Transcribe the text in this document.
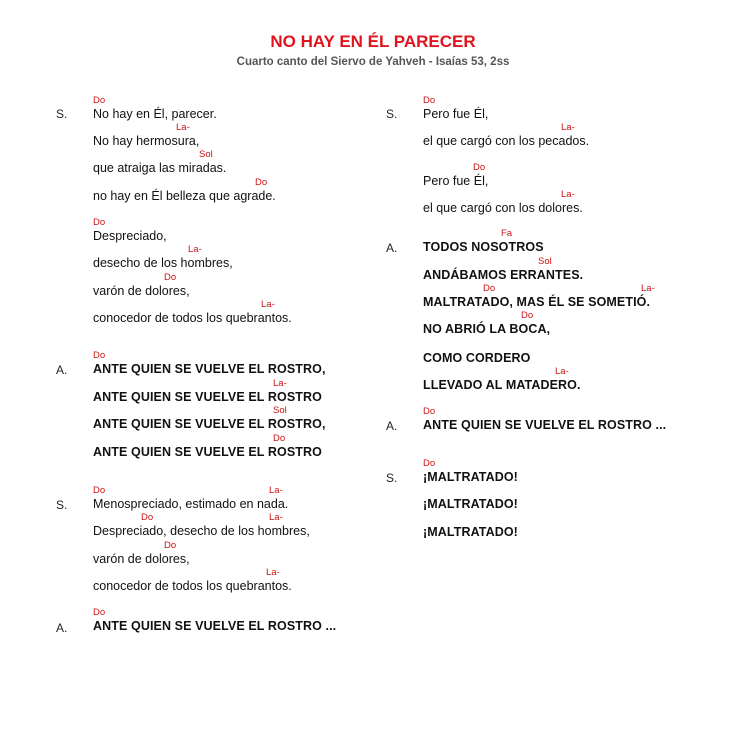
NO HAY EN ÉL PARECER
Cuarto canto del Siervo de Yahveh - Isaías 53, 2ss
S.
Do
No hay en Él, parecer.
La-
No hay hermosura,
Sol
que atraiga las miradas.
Do
no hay en Él belleza que agrade.
Do
Despreciado,
La-
desecho de los hombres,
Do
varón de dolores,
La-
conocedor de todos los quebrantos.
A.
Do
ANTE QUIEN SE VUELVE EL ROSTRO,
La-
ANTE QUIEN SE VUELVE EL ROSTRO
Sol
ANTE QUIEN SE VUELVE EL ROSTRO,
Do
ANTE QUIEN SE VUELVE EL ROSTRO
S.
Do	La-
Menospreciado, estimado en nada.
Do	La-
Despreciado, desecho de los hombres,
Do
varón de dolores,
La-
conocedor de todos los quebrantos.
A.
Do
ANTE QUIEN SE VUELVE EL ROSTRO ...
S.
Do
Pero fue Él,
La-
el que cargó con los pecados.
Do
Pero fue Él,
La-
el que cargó con los dolores.
A.
Fa
TODOS NOSOTROS
Sol
ANDÁBAMOS ERRANTES.
Do	La-
MALTRATADO, MAS ÉL SE SOMETIÓ.
Do
NO ABRIÓ LA BOCA,
COMO CORDERO
La-
LLEVADO AL MATADERO.
A.
Do
ANTE QUIEN SE VUELVE EL ROSTRO ...
S.
Do
¡MALTRATADO!
¡MALTRATADO!
¡MALTRATADO!
